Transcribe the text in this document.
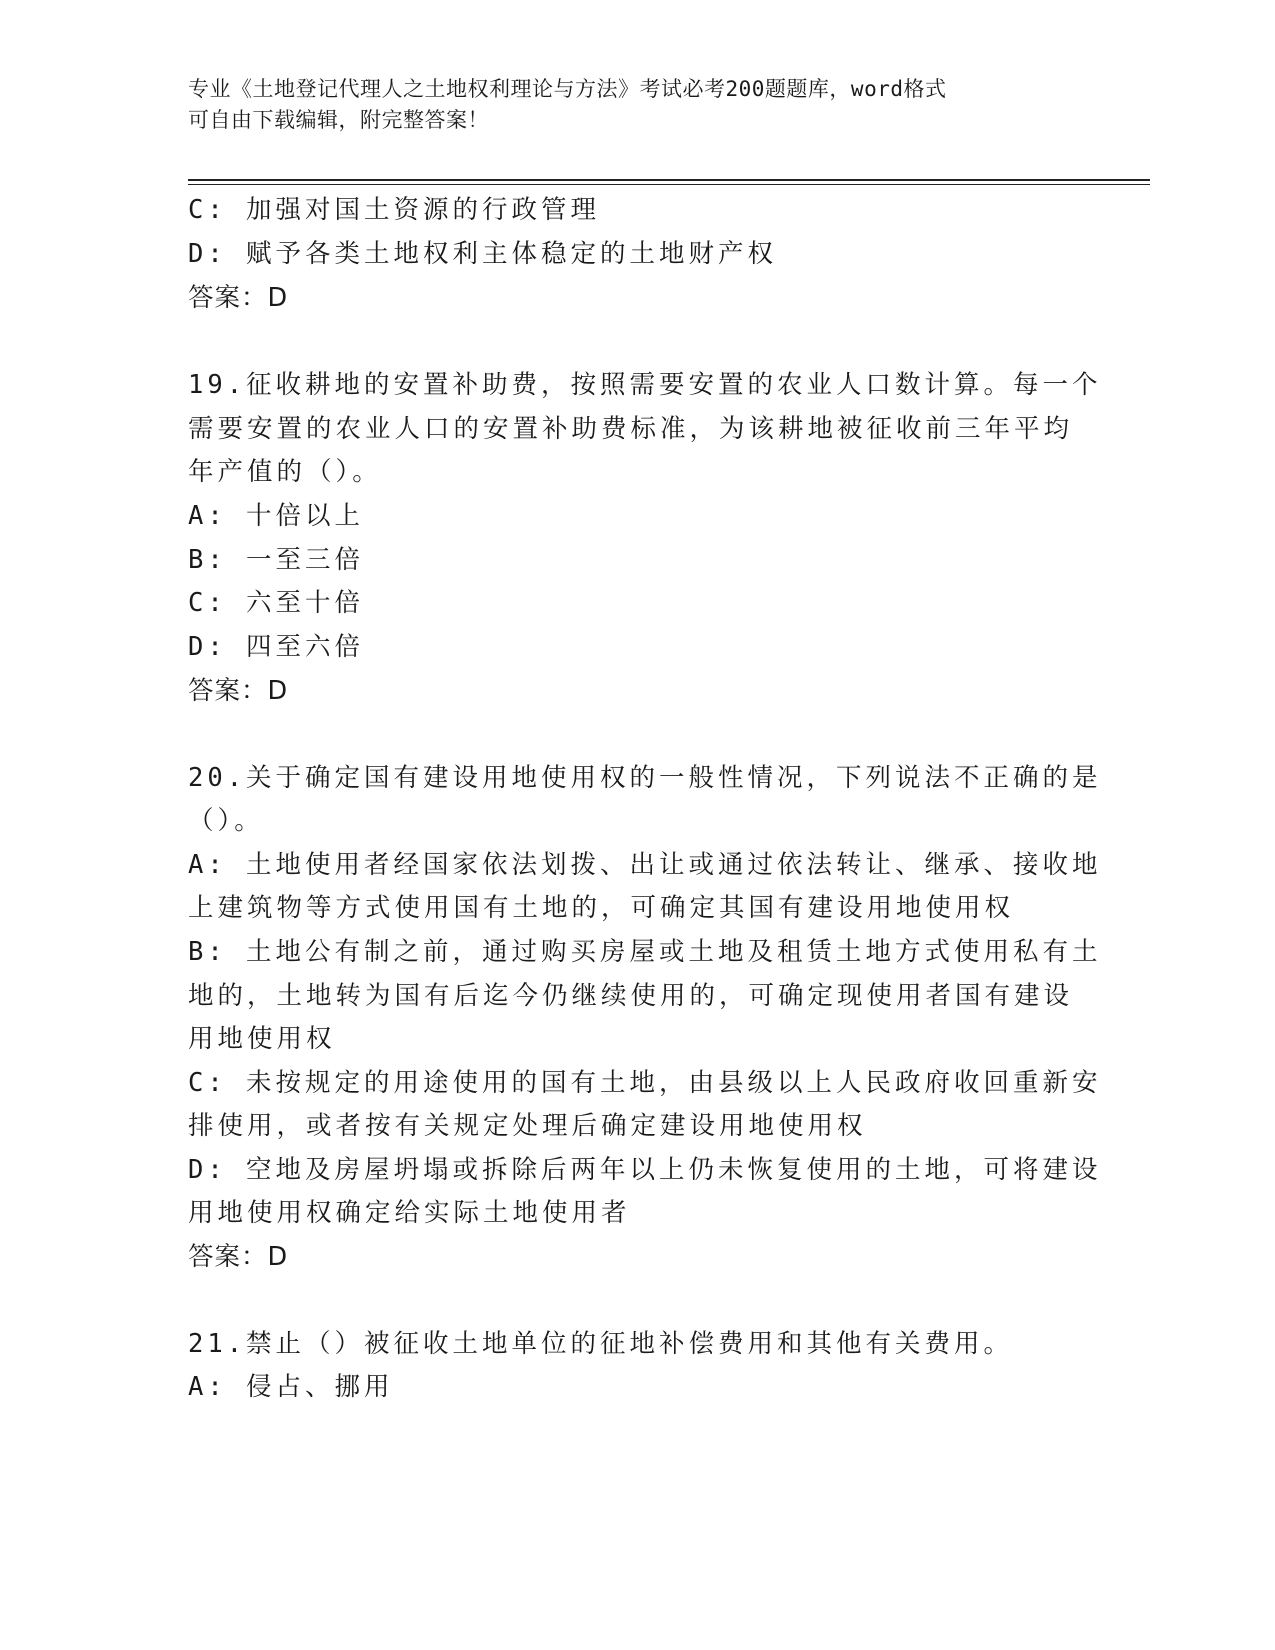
专业《土地登记代理人之土地权利理论与方法》考试必考200题题库，word格式
可自由下载编辑，附完整答案！
C: 加强对国土资源的行政管理
D: 赋予各类土地权利主体稳定的土地财产权
答案：D
19.征收耕地的安置补助费，按照需要安置的农业人口数计算。每一个
需要安置的农业人口的安置补助费标准，为该耕地被征收前三年平均
年产值的（）。
A: 十倍以上
B: 一至三倍
C: 六至十倍
D: 四至六倍
答案：D
20.关于确定国有建设用地使用权的一般性情况，下列说法不正确的是
（）。
A: 土地使用者经国家依法划拨、出让或通过依法转让、继承、接收地
上建筑物等方式使用国有土地的，可确定其国有建设用地使用权
B: 土地公有制之前，通过购买房屋或土地及租赁土地方式使用私有土
地的，土地转为国有后迄今仍继续使用的，可确定现使用者国有建设
用地使用权
C: 未按规定的用途使用的国有土地，由县级以上人民政府收回重新安
排使用，或者按有关规定处理后确定建设用地使用权
D: 空地及房屋坍塌或拆除后两年以上仍未恢复使用的土地，可将建设
用地使用权确定给实际土地使用者
答案：D
21.禁止（）被征收土地单位的征地补偿费用和其他有关费用。
A: 侵占、挪用
